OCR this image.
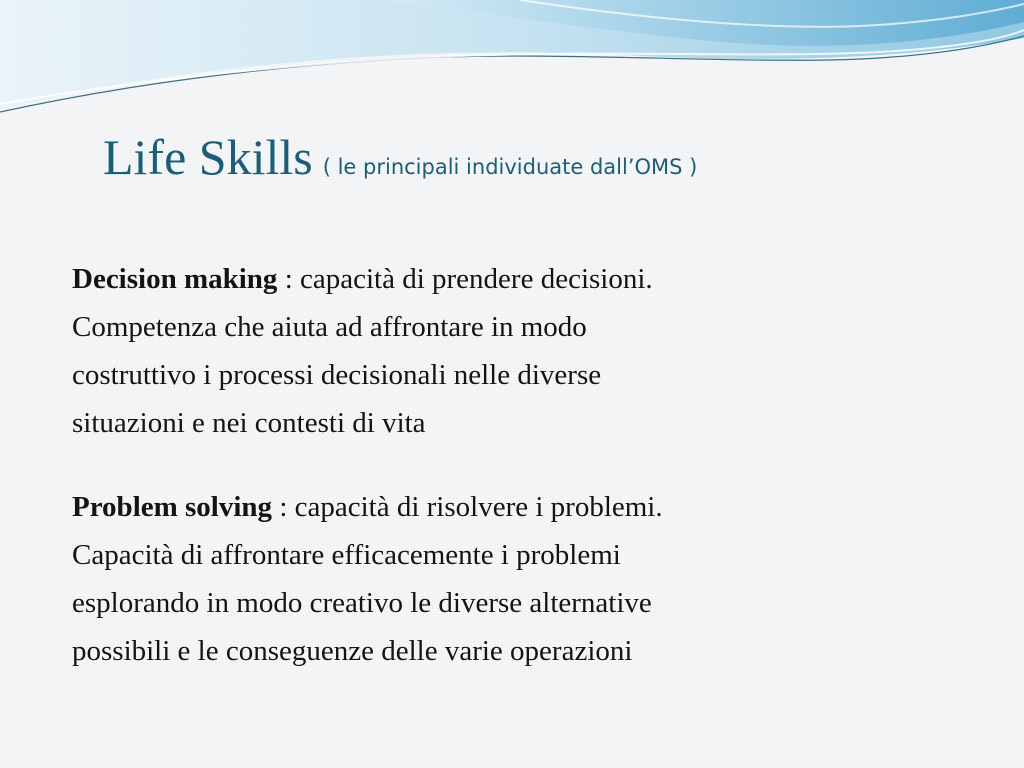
Life Skills ( le principali individuate dall’OMS )

Decision making : capacità di prendere decisioni.
Competenza che aiuta ad affrontare in modo
costruttivo i processi decisionali nelle diverse
situazioni e nei contesti di vita

Problem solving : capacità di risolvere i problemi.
Capacità di affrontare efficacemente i problemi
esplorando in modo creativo le diverse alternative
possibili e le conseguenze delle varie operazioni
